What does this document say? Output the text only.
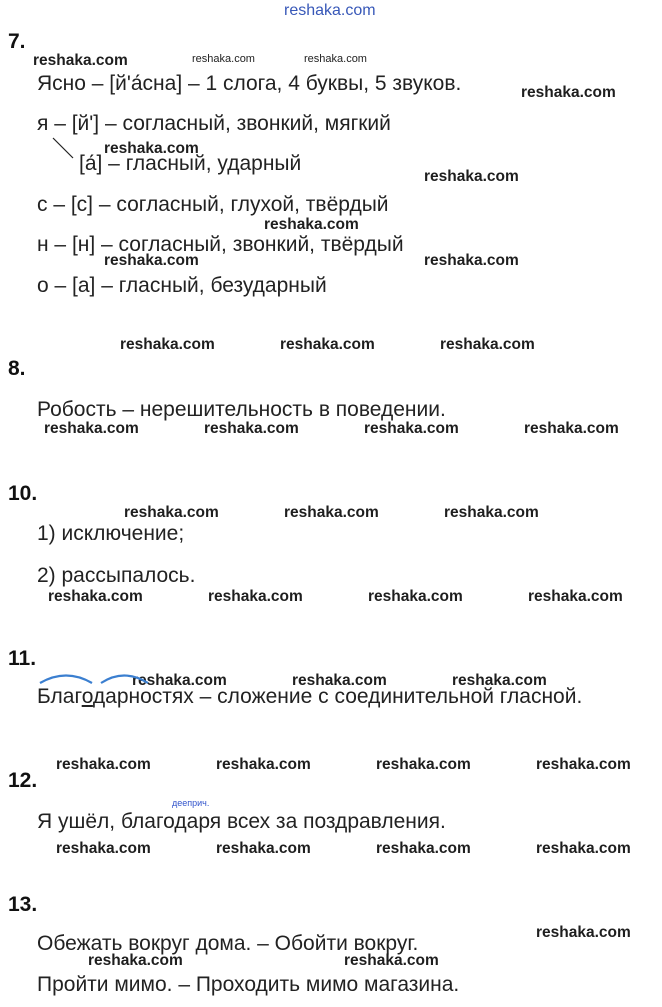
reshaka.com
7.
reshaka.com	reshaka.com	reshaka.com
Ясно – [й'а́сна] – 1 слога, 4 буквы, 5 звуков.	reshaka.com
я – [й'] – согласный, звонкий, мягкий
reshaka.com
[а́] – гласный, ударный
reshaka.com
с – [с] – согласный, глухой, твёрдый
reshaka.com
н – [н] – согласный, звонкий, твёрдый
reshaka.com	reshaka.com
о – [а] – гласный, безударный
reshaka.com	reshaka.com	reshaka.com
8.
Робость – нерешительность в поведении.
reshaka.com	reshaka.com	reshaka.com	reshaka.com
10.
reshaka.com	reshaka.com	reshaka.com
1) исключение;
2) рассыпалось.
reshaka.com	reshaka.com	reshaka.com	reshaka.com
11.
reshaka.com	reshaka.com	reshaka.com
Благодарностях – сложение с соединительной гласной.
reshaka.com	reshaka.com	reshaka.com	reshaka.com
12.
дееприч.
Я ушёл, благодаря всех за поздравления.
reshaka.com	reshaka.com	reshaka.com	reshaka.com
13.
reshaka.com
Обежать вокруг дома. – Обойти вокруг.
reshaka.com	reshaka.com
Пройти мимо. – Проходить мимо магазина.
